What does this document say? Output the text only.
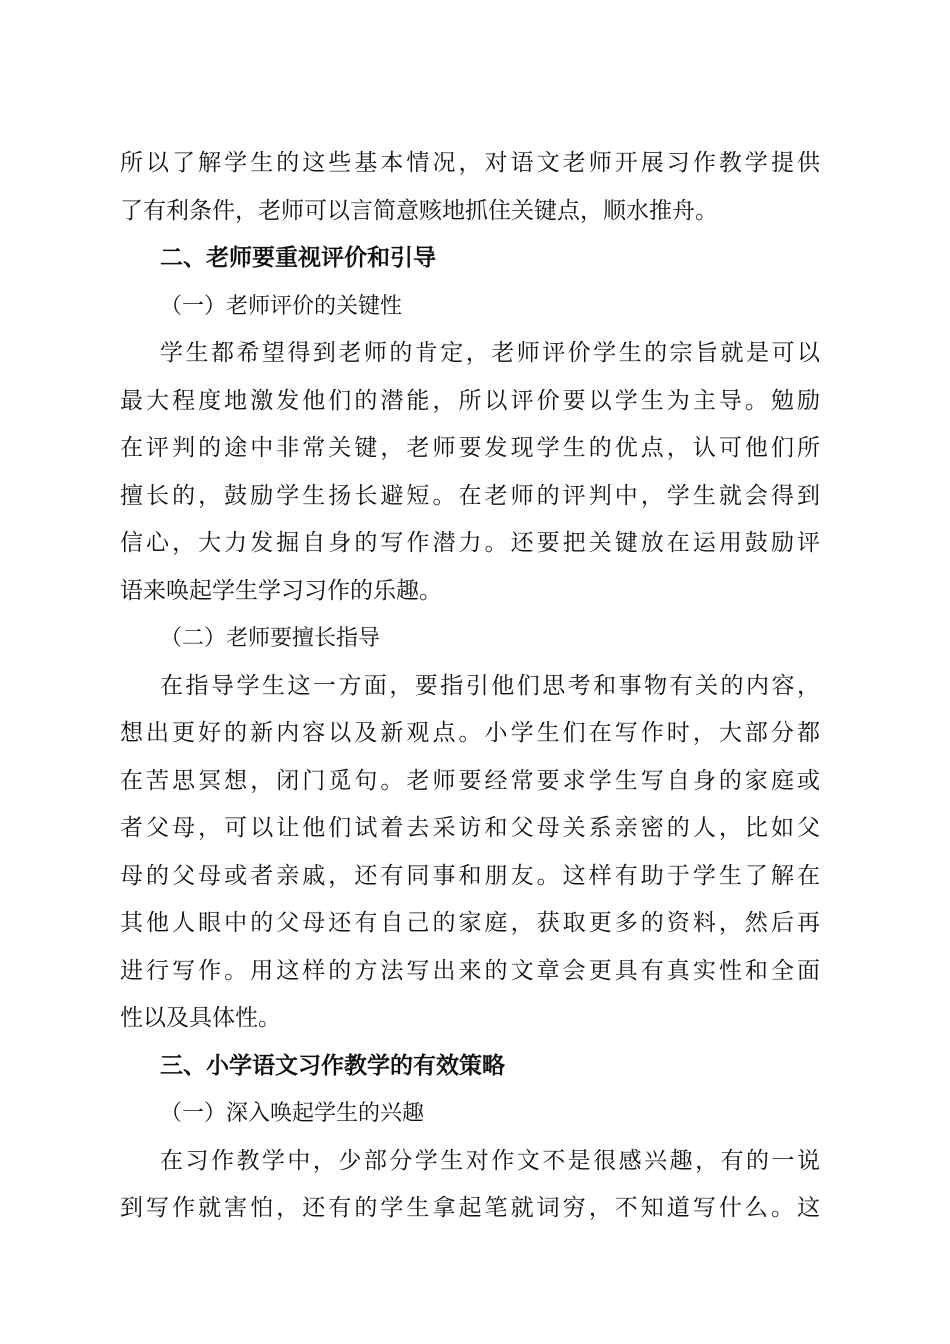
所以了解学生的这些基本情况，对语文老师开展习作教学提供
了有利条件，老师可以言简意赅地抓住关键点，顺水推舟。
二、老师要重视评价和引导
（一）老师评价的关键性
学生都希望得到老师的肯定，老师评价学生的宗旨就是可以
最大程度地激发他们的潜能，所以评价要以学生为主导。勉励
在评判的途中非常关键，老师要发现学生的优点，认可他们所
擅长的，鼓励学生扬长避短。在老师的评判中，学生就会得到
信心，大力发掘自身的写作潜力。还要把关键放在运用鼓励评
语来唤起学生学习习作的乐趣。
（二）老师要擅长指导
在指导学生这一方面，要指引他们思考和事物有关的内容，
想出更好的新内容以及新观点。小学生们在写作时，大部分都
在苦思冥想，闭门觅句。老师要经常要求学生写自身的家庭或
者父母，可以让他们试着去采访和父母关系亲密的人，比如父
母的父母或者亲戚，还有同事和朋友。这样有助于学生了解在
其他人眼中的父母还有自己的家庭，获取更多的资料，然后再
进行写作。用这样的方法写出来的文章会更具有真实性和全面
性以及具体性。
三、小学语文习作教学的有效策略
（一）深入唤起学生的兴趣
在习作教学中，少部分学生对作文不是很感兴趣，有的一说
到写作就害怕，还有的学生拿起笔就词穷，不知道写什么。这
